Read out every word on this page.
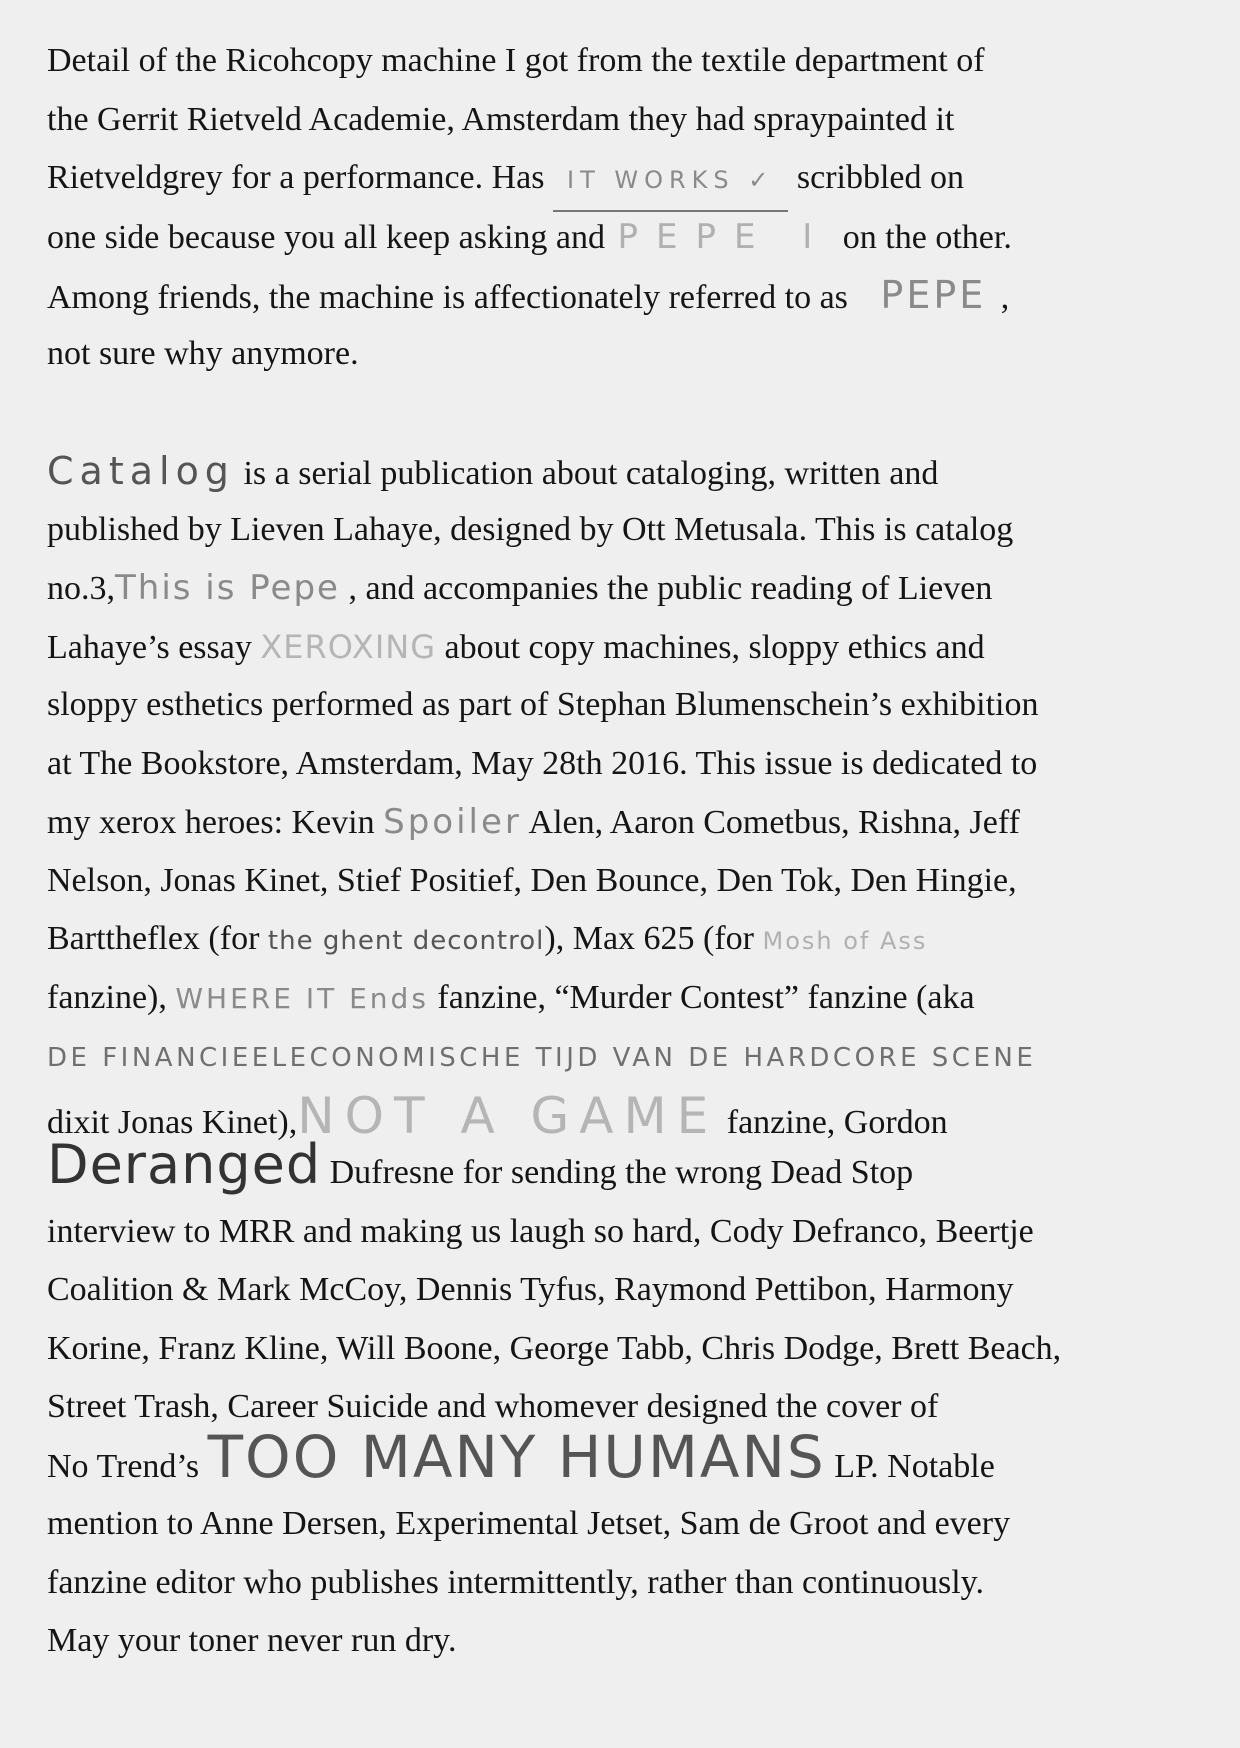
Detail of the Ricohcopy machine I got from the textile department of
the Gerrit Rietveld Academie, Amsterdam they had spraypainted it
Rietveldgrey for a performance. Has IT WORKS ✓ scribbled on
one side because you all keep asking and PEPE I on the other.
Among friends, the machine is affectionately referred to as PEPE ,
not sure why anymore.
Catalog is a serial publication about cataloging, written and
published by Lieven Lahaye, designed by Ott Metusala. This is catalog
no.3,This is Pepe , and accompanies the public reading of Lieven
Lahaye’s essay XEROXING about copy machines, sloppy ethics and
sloppy esthetics performed as part of Stephan Blumenschein’s exhibition
at The Bookstore, Amsterdam, May 28th 2016. This issue is dedicated to
my xerox heroes: Kevin Spoiler Alen, Aaron Cometbus, Rishna, Jeff
Nelson, Jonas Kinet, Stief Positief, Den Bounce, Den Tok, Den Hingie,
Barttheflex (for the ghent decontrol), Max 625 (for Mosh of Ass
fanzine), WHERE IT Ends fanzine, “Murder Contest” fanzine (aka
DE FINANCIEELECONOMISCHE TIJD VAN DE HARDCORE SCENE
dixit Jonas Kinet),NOT A GAME fanzine, Gordon
Deranged Dufresne for sending the wrong Dead Stop
interview to MRR and making us laugh so hard, Cody Defranco, Beertje
Coalition & Mark McCoy, Dennis Tyfus, Raymond Pettibon, Harmony
Korine, Franz Kline, Will Boone, George Tabb, Chris Dodge, Brett Beach,
Street Trash, Career Suicide and whomever designed the cover of
No Trend’s TOO MANY HUMANS LP. Notable
mention to Anne Dersen, Experimental Jetset, Sam de Groot and every
fanzine editor who publishes intermittently, rather than continuously.
May your toner never run dry.
